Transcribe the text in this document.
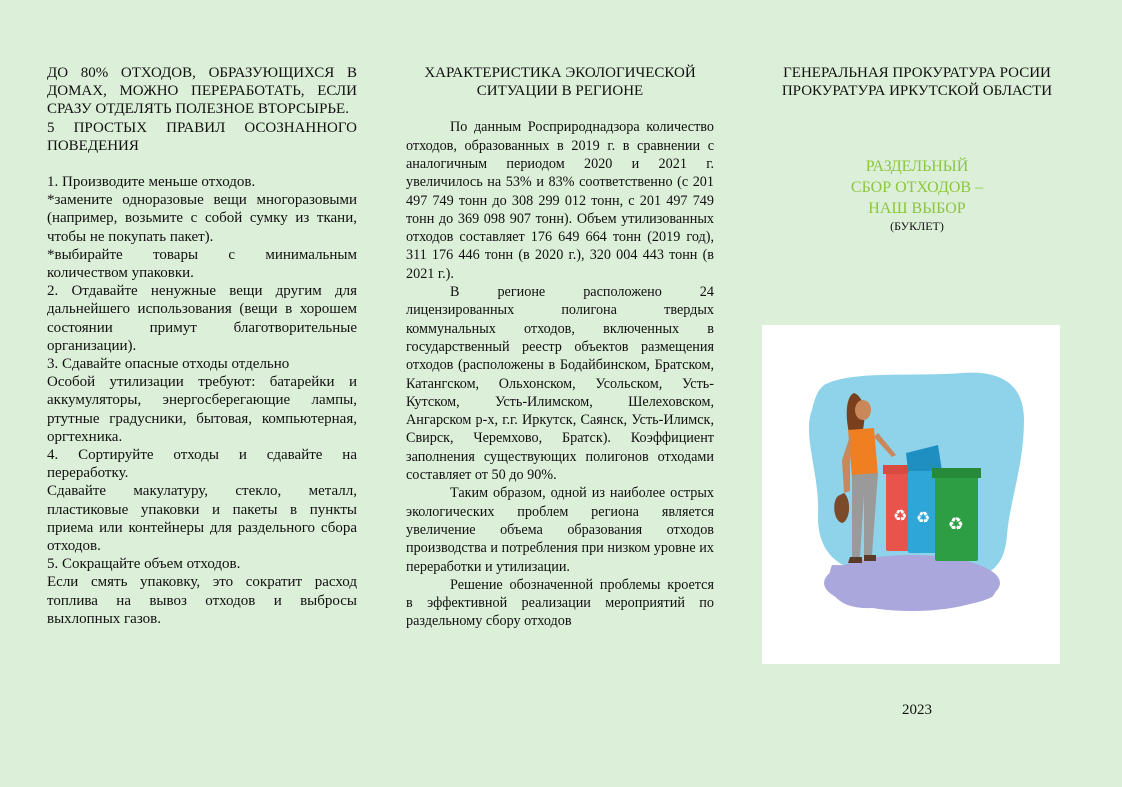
ДО 80% ОТХОДОВ, ОБРАЗУЮЩИХСЯ В ДОМАХ, МОЖНО ПЕРЕРАБОТАТЬ, ЕСЛИ СРАЗУ ОТДЕЛЯТЬ ПОЛЕЗНОЕ ВТОРСЫРЬЕ.

5 ПРОСТЫХ ПРАВИЛ ОСОЗНАННОГО ПОВЕДЕНИЯ

1. Производите меньше отходов.

*замените одноразовые вещи многоразовыми (например, возьмите с собой сумку из ткани, чтобы не покупать пакет).

*выбирайте товары с минимальным количеством упаковки.

2. Отдавайте ненужные вещи другим для дальнейшего использования (вещи в хорошем состоянии примут благотворительные организации).

3. Сдавайте опасные отходы отдельно

Особой утилизации требуют: батарейки и аккумуляторы, энергосберегающие лампы, ртутные градусники, бытовая, компьютерная, оргтехника.

4. Сортируйте отходы и сдавайте на переработку.

Сдавайте макулатуру, стекло, металл, пластиковые упаковки и пакеты в пункты приема или контейнеры для раздельного сбора отходов.

5. Сокращайте объем отходов.

Если смять упаковку, это сократит расход топлива на вывоз отходов и выбросы выхлопных газов.

ХАРАКТЕРИСТИКА ЭКОЛОГИЧЕСКОЙ СИТУАЦИИ В РЕГИОНЕ

По данным Росприроднадзора количество отходов, образованных в 2019 г. в сравнении с аналогичным периодом 2020 и 2021 г. увеличилось на 53% и 83% соответственно (с 201 497 749 тонн до 308 299 012 тонн, с 201 497 749 тонн до 369 098 907 тонн). Объем утилизованных отходов составляет 176 649 664 тонн (2019 год), 311 176 446 тонн (в 2020 г.), 320 004 443 тонн (в 2021 г.).

В регионе расположено 24 лицензированных полигона твердых коммунальных отходов, включенных в государственный реестр объектов размещения отходов (расположены в Бодайбинском, Братском, Катангском, Ольхонском, Усольском, Усть-Кутском, Усть-Илимском, Шелеховском, Ангарском р-х, г.г. Иркутск, Саянск, Усть-Илимск, Свирск, Черемхово, Братск). Коэффициент заполнения существующих полигонов отходами составляет от 50 до 90%.

Таким образом, одной из наиболее острых экологических проблем региона является увеличение объема образования отходов производства и потребления при низком уровне их переработки и утилизации.

Решение обозначенной проблемы кроется в эффективной реализации мероприятий по раздельному сбору отходов

ГЕНЕРАЛЬНАЯ ПРОКУРАТУРА РОСИИ

ПРОКУРАТУРА ИРКУТСКОЙ ОБЛАСТИ

РАЗДЕЛЬНЫЙ
СБОР ОТХОДОВ –
НАШ ВЫБОР
(БУКЛЕТ)
♻ ♻ ♻
2023
